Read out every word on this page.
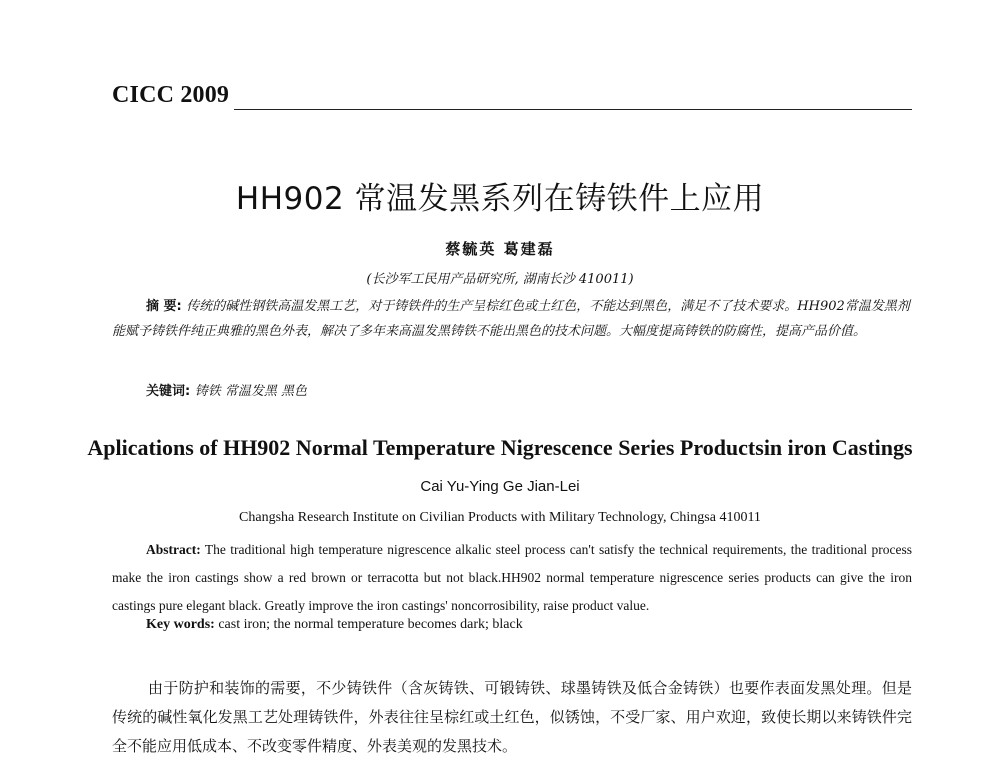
CICC 2009
HH902 常温发黑系列在铸铁件上应用
蔡毓英 葛建磊
(长沙军工民用产品研究所, 湖南长沙 410011)
摘 要: 传统的碱性钢铁高温发黑工艺，对于铸铁件的生产呈棕红色或土红色，不能达到黑色，满足不了技术要求。HH902常温发黑剂能赋予铸铁件纯正典雅的黑色外表，解决了多年来高温发黑铸铁不能出黑色的技术问题。大幅度提高铸铁的防腐性，提高产品价值。
关键词: 铸铁 常温发黑 黑色
Aplications of HH902 Normal Temperature Nigrescence Series Productsin iron Castings
Cai Yu-Ying Ge Jian-Lei
Changsha Research Institute on Civilian Products with Military Technology, Chingsa 410011
Abstract: The traditional high temperature nigrescence alkalic steel process can't satisfy the technical requirements, the traditional process make the iron castings show a red brown or terracotta but not black.HH902 normal temperature nigrescence series products can give the iron castings pure elegant black. Greatly improve the iron castings' noncorrosibility, raise product value.
Key words: cast iron; the normal temperature becomes dark; black
由于防护和装饰的需要，不少铸铁件（含灰铸铁、可锻铸铁、球墨铸铁及低合金铸铁）也要作表面发黑处理。但是传统的碱性氧化发黑工艺处理铸铁件，外表往往呈棕红或土红色，似锈蚀，不受厂家、用户欢迎，致使长期以来铸铁件完全不能应用低成本、不改变零件精度、外表美观的发黑技术。
